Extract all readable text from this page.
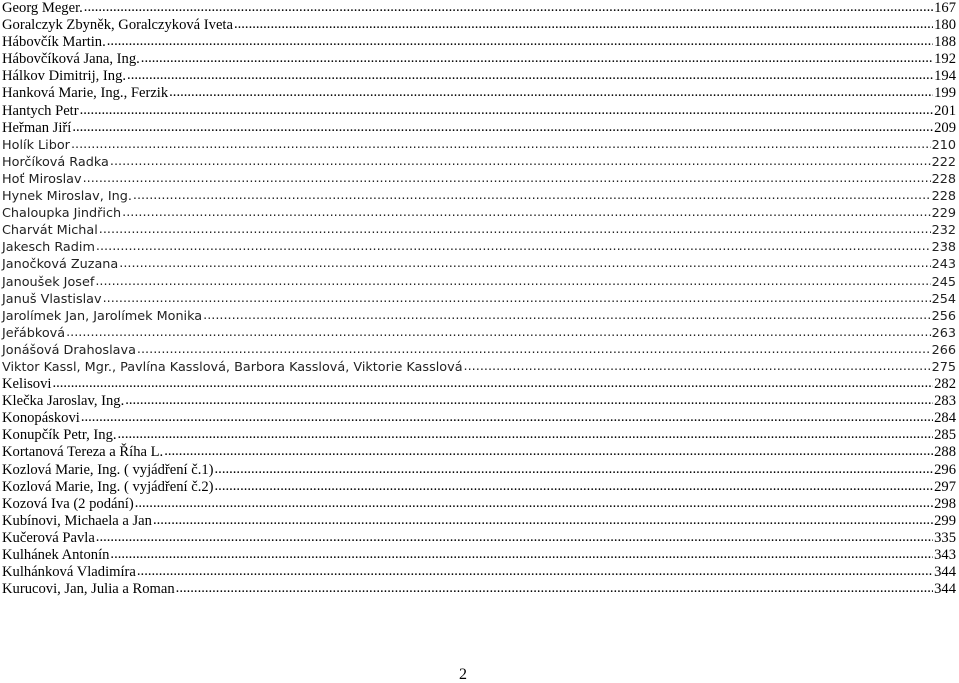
Georg Meger. .....	167
Goralczyk Zbyněk, Goralczyková Iveta .....	180
Hábovčík Martin. .....	188
Hábovčíková Jana, Ing. .....	192
Hálkov Dimitrij, Ing. .....	194
Hanková Marie, Ing., Ferzik .....	199
Hantych Petr .....	201
Heřman Jiří .....	209
Holík Libor .....	210
Horčíková Radka .....	222
Hoť Miroslav .....	228
Hynek Miroslav, Ing. .....	228
Chaloupka Jindřich .....	229
Charvát Michal .....	232
Jakesch Radim .....	238
Janočková Zuzana .....	243
Janoušek Josef .....	245
Januš Vlastislav .....	254
Jarolímek Jan, Jarolímek Monika .....	256
Jeřábková .....	263
Jonášová Drahoslava .....	266
Viktor Kassl, Mgr., Pavlína Kasslová, Barbora Kasslová, Viktorie Kasslová .....	275
Kelisovi .....	282
Klečka Jaroslav, Ing. .....	283
Konopáskovi .....	284
Konupčík Petr, Ing. .....	285
Kortanová Tereza a Říha L. .....	288
Kozlová Marie, Ing. ( vyjádření č.1) .....	296
Kozlová Marie, Ing. ( vyjádření č.2) .....	297
Kozová Iva (2 podání) .....	298
Kubínovi, Michaela a Jan .....	299
Kučerová Pavla .....	335
Kulhánek Antonín .....	343
Kulhánková Vladimíra .....	344
Kurucovi, Jan, Julia a Roman .....	344
2
